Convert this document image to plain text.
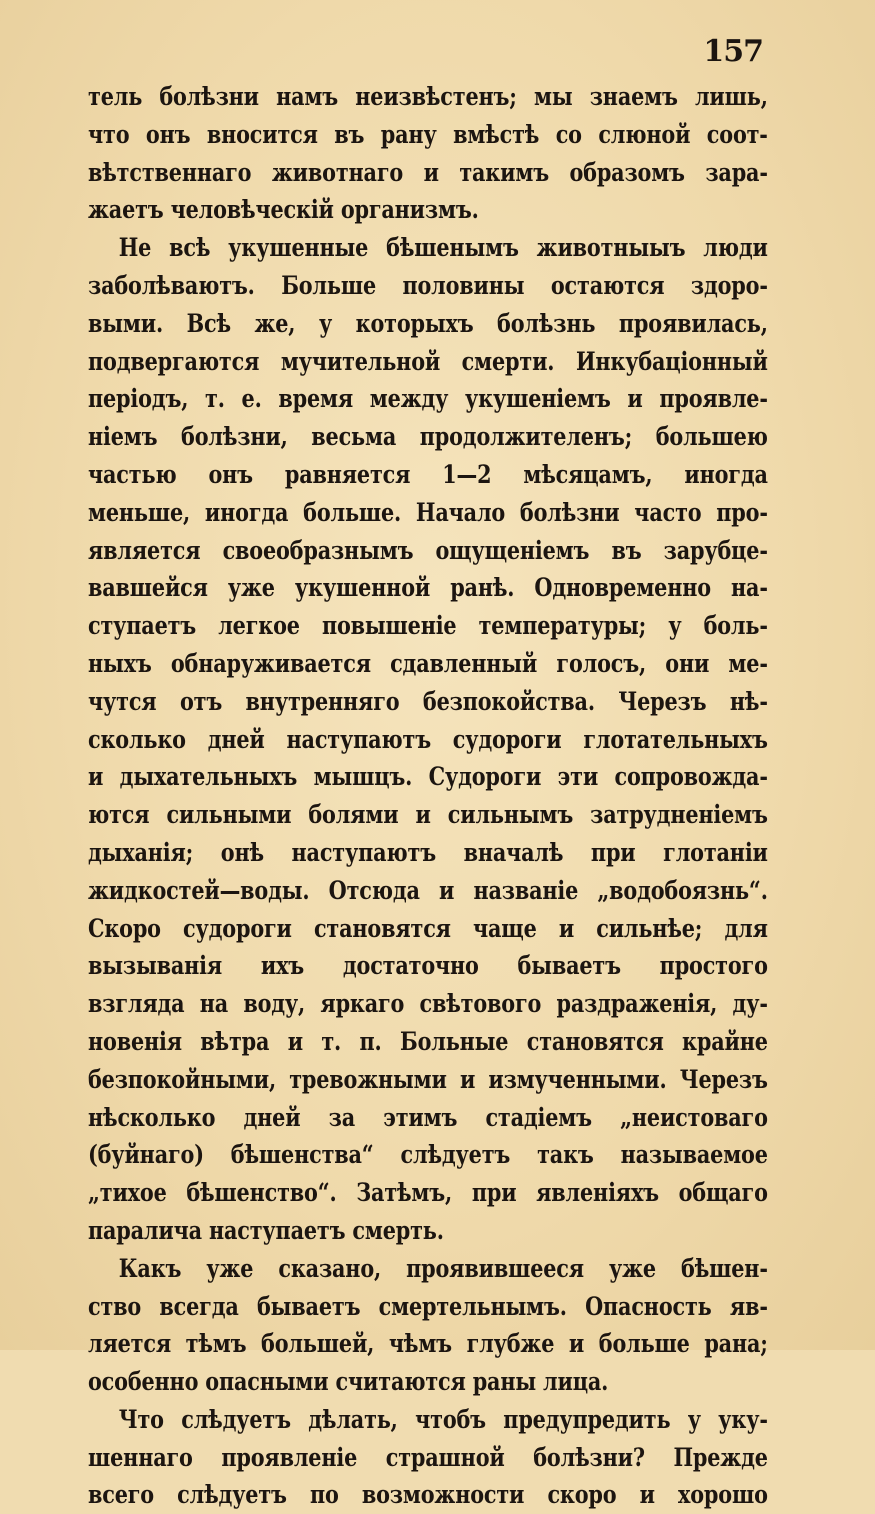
157
тель болѣзни намъ неизвѣстенъ; мы знаемъ лишь,
что онъ вносится въ рану вмѣстѣ со слюной соот-
вѣтственнаго животнаго и такимъ образомъ зара-
жаетъ человѣческій организмъ.
Не всѣ укушенные бѣшенымъ животныыъ люди
заболѣваютъ. Больше половины остаются здоро-
выми. Всѣ же, у которыхъ болѣзнь проявилась,
подвергаются мучительной смерти. Инкубаціонный
періодъ, т. е. время между укушеніемъ и проявле-
ніемъ болѣзни, весьма продолжителенъ; большею
частью онъ равняется 1—2 мѣсяцамъ, иногда
меньше, иногда больше. Начало болѣзни часто про-
является своеобразнымъ ощущеніемъ въ зарубце-
вавшейся уже укушенной ранѣ. Одновременно на-
ступаетъ легкое повышеніе температуры; у боль-
ныхъ обнаруживается сдавленный голосъ, они ме-
чутся отъ внутренняго безпокойства. Черезъ нѣ-
сколько дней наступаютъ судороги глотательныхъ
и дыхательныхъ мышцъ. Судороги эти сопровожда-
ются сильными болями и сильнымъ затрудненіемъ
дыханія; онѣ наступаютъ вначалѣ при глотаніи
жидкостей—воды. Отсюда и названіе „водобоязнь“.
Скоро судороги становятся чаще и сильнѣе; для
вызыванія ихъ достаточно бываетъ простого
взгляда на воду, яркаго свѣтового раздраженія, ду-
новенія вѣтра и т. п. Больные становятся крайне
безпокойными, тревожными и измученными. Черезъ
нѣсколько дней за этимъ стадіемъ „неистоваго
(буйнаго) бѣшенства“ слѣдуетъ такъ называемое
„тихое бѣшенство“. Затѣмъ, при явленіяхъ общаго
паралича наступаетъ смерть.
Какъ уже сказано, проявившееся уже бѣшен-
ство всегда бываетъ смертельнымъ. Опасность яв-
ляется тѣмъ большей, чѣмъ глубже и больше рана;
особенно опасными считаются раны лица.
Что слѣдуетъ дѣлать, чтобъ предупредить у уку-
шеннаго проявленіе страшной болѣзни? Прежде
всего слѣдуетъ по возможности скоро и хорошо
